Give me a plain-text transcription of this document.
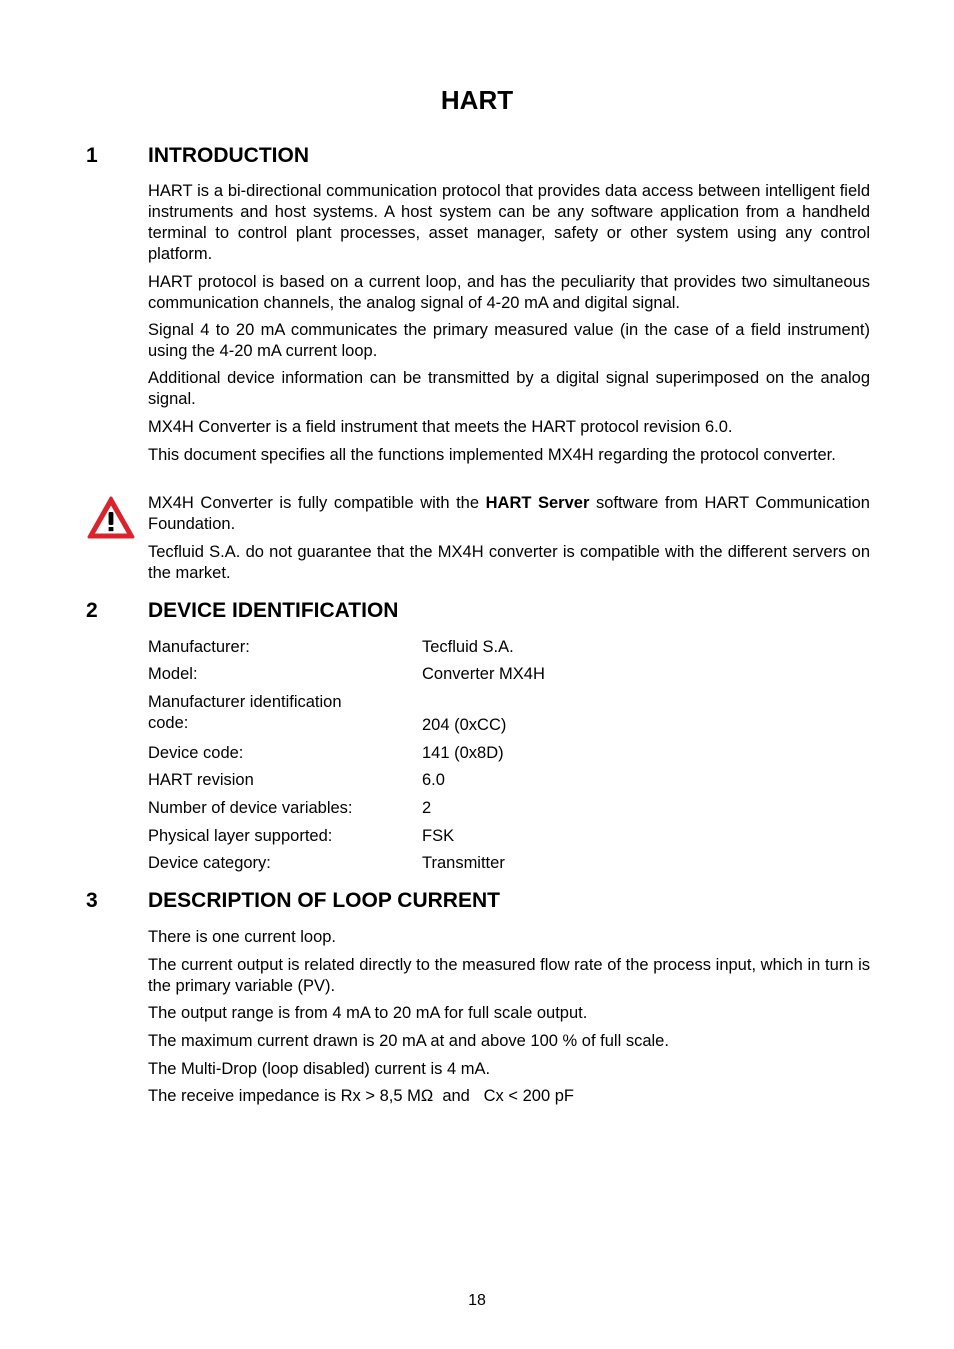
HART
1 INTRODUCTION

HART is a bi-directional communication protocol that provides data access between intelligent field instruments and host systems. A host system can be any software application from a handheld terminal to control plant processes, asset manager, safety or other system using any control platform.

HART protocol is based on a current loop, and has the peculiarity that provides two simultaneous communication channels, the analog signal of 4-20 mA and digital signal.

Signal 4 to 20 mA communicates the primary measured value (in the case of a field instrument) using the 4-20 mA current loop.

Additional device information can be transmitted by a digital signal superimposed on the analog signal.

MX4H Converter is a field instrument that meets the HART protocol revision 6.0.

This document specifies all the functions implemented MX4H regarding the protocol converter.

MX4H Converter is fully compatible with the HART Server software from HART Communication Foundation.

Tecfluid S.A. do not guarantee that the MX4H converter is compatible with the different servers on the market.

2 DEVICE IDENTIFICATION
Manufacturer:	Tecfluid S.A.
Model:	Converter MX4H
Manufacturer identification code:	204 (0xCC)
Device code:	141 (0x8D)
HART revision	6.0
Number of device variables:	2
Physical layer supported:	FSK
Device category:	Transmitter
3 DESCRIPTION OF LOOP CURRENT

There is one current loop.

The current output is related directly to the measured flow rate of the process input, which in turn is the primary variable (PV).

The output range is from 4 mA to 20 mA for full scale output.

The maximum current drawn is 20 mA at and above 100 % of full scale.

The Multi-Drop (loop disabled) current is 4 mA.

The receive impedance is Rx > 8,5 MΩ  and   Cx < 200 pF

18
